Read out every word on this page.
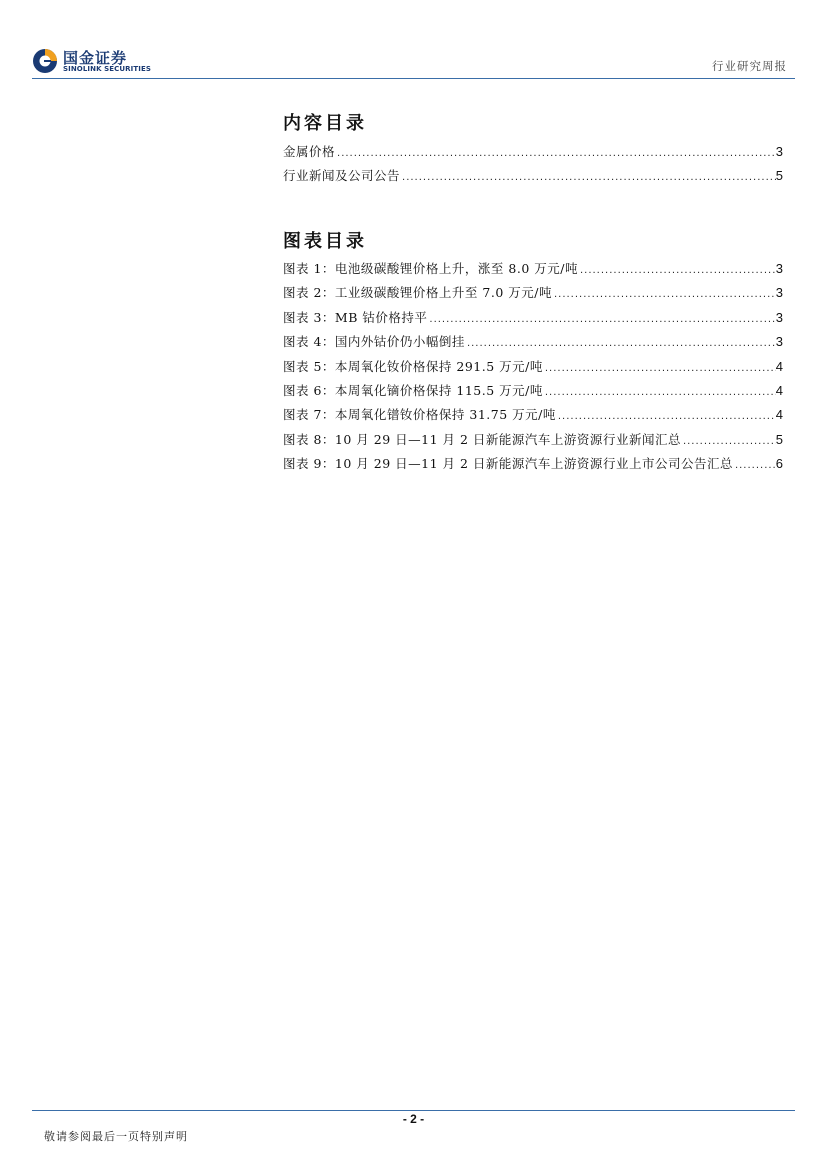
国金证券
SINOLINK SECURITIES	行业研究周报
内容目录
金属价格 .....	3
行业新闻及公司公告 .....	5
图表目录
图表 1：电池级碳酸锂价格上升，涨至 8.0 万元/吨 .....	3
图表 2：工业级碳酸锂价格上升至 7.0 万元/吨 .....	3
图表 3：MB 钴价格持平 .....	3
图表 4：国内外钴价仍小幅倒挂 .....	3
图表 5：本周氧化钕价格保持 291.5 万元/吨 .....	4
图表 6：本周氧化镝价格保持 115.5 万元/吨 .....	4
图表 7：本周氧化镨钕价格保持 31.75 万元/吨 .....	4
图表 8：10 月 29 日—11 月 2 日新能源汽车上游资源行业新闻汇总 .....	5
图表 9：10 月 29 日—11 月 2 日新能源汽车上游资源行业上市公司公告汇总 .....	6
- 2 -
敬请参阅最后一页特别声明
